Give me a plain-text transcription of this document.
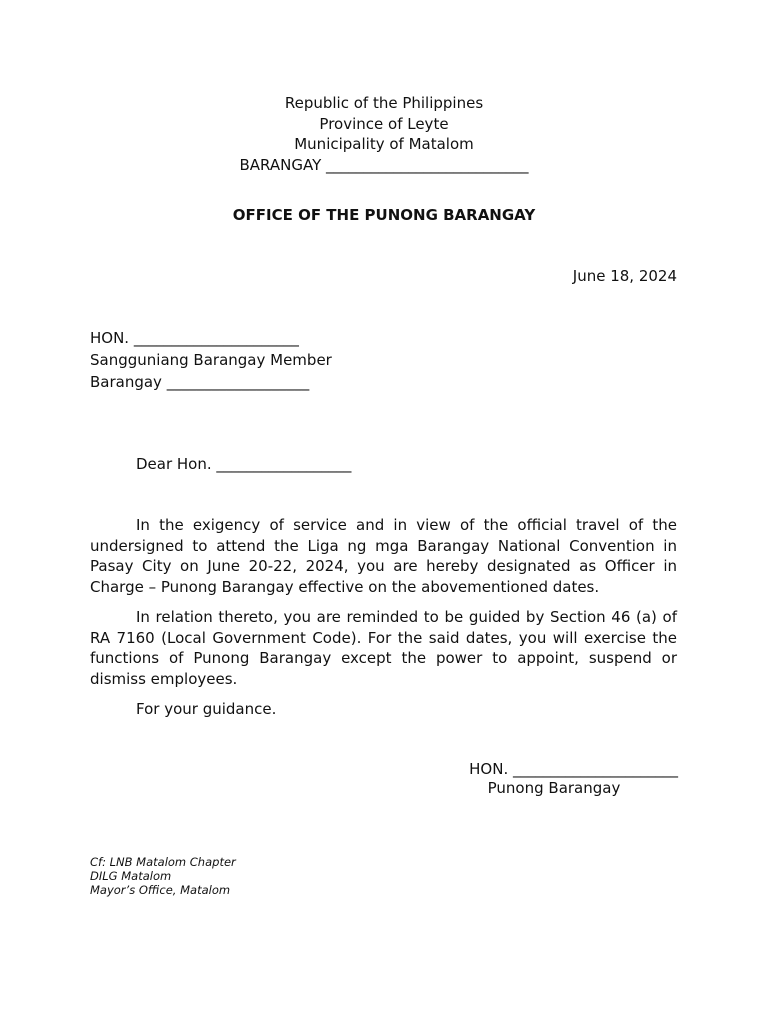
Republic of the Philippines
Province of Leyte
Municipality of Matalom
BARANGAY ___________________________
OFFICE OF THE PUNONG BARANGAY
June 18, 2024
HON. ______________________
Sangguniang Barangay Member
Barangay ___________________
Dear Hon. __________________

In the exigency of service and in view of the official travel of the undersigned to attend the Liga ng mga Barangay National Convention in Pasay City on June 20-22, 2024, you are hereby designated as Officer in Charge – Punong Barangay effective on the abovementioned dates.

In relation thereto, you are reminded to be guided by Section 46 (a) of RA 7160 (Local Government Code). For the said dates, you will exercise the functions of Punong Barangay except the power to appoint, suspend or dismiss employees.

For your guidance.

HON. ______________________
Punong Barangay
Cf: LNB Matalom Chapter
DILG Matalom
Mayor’s Office, Matalom
